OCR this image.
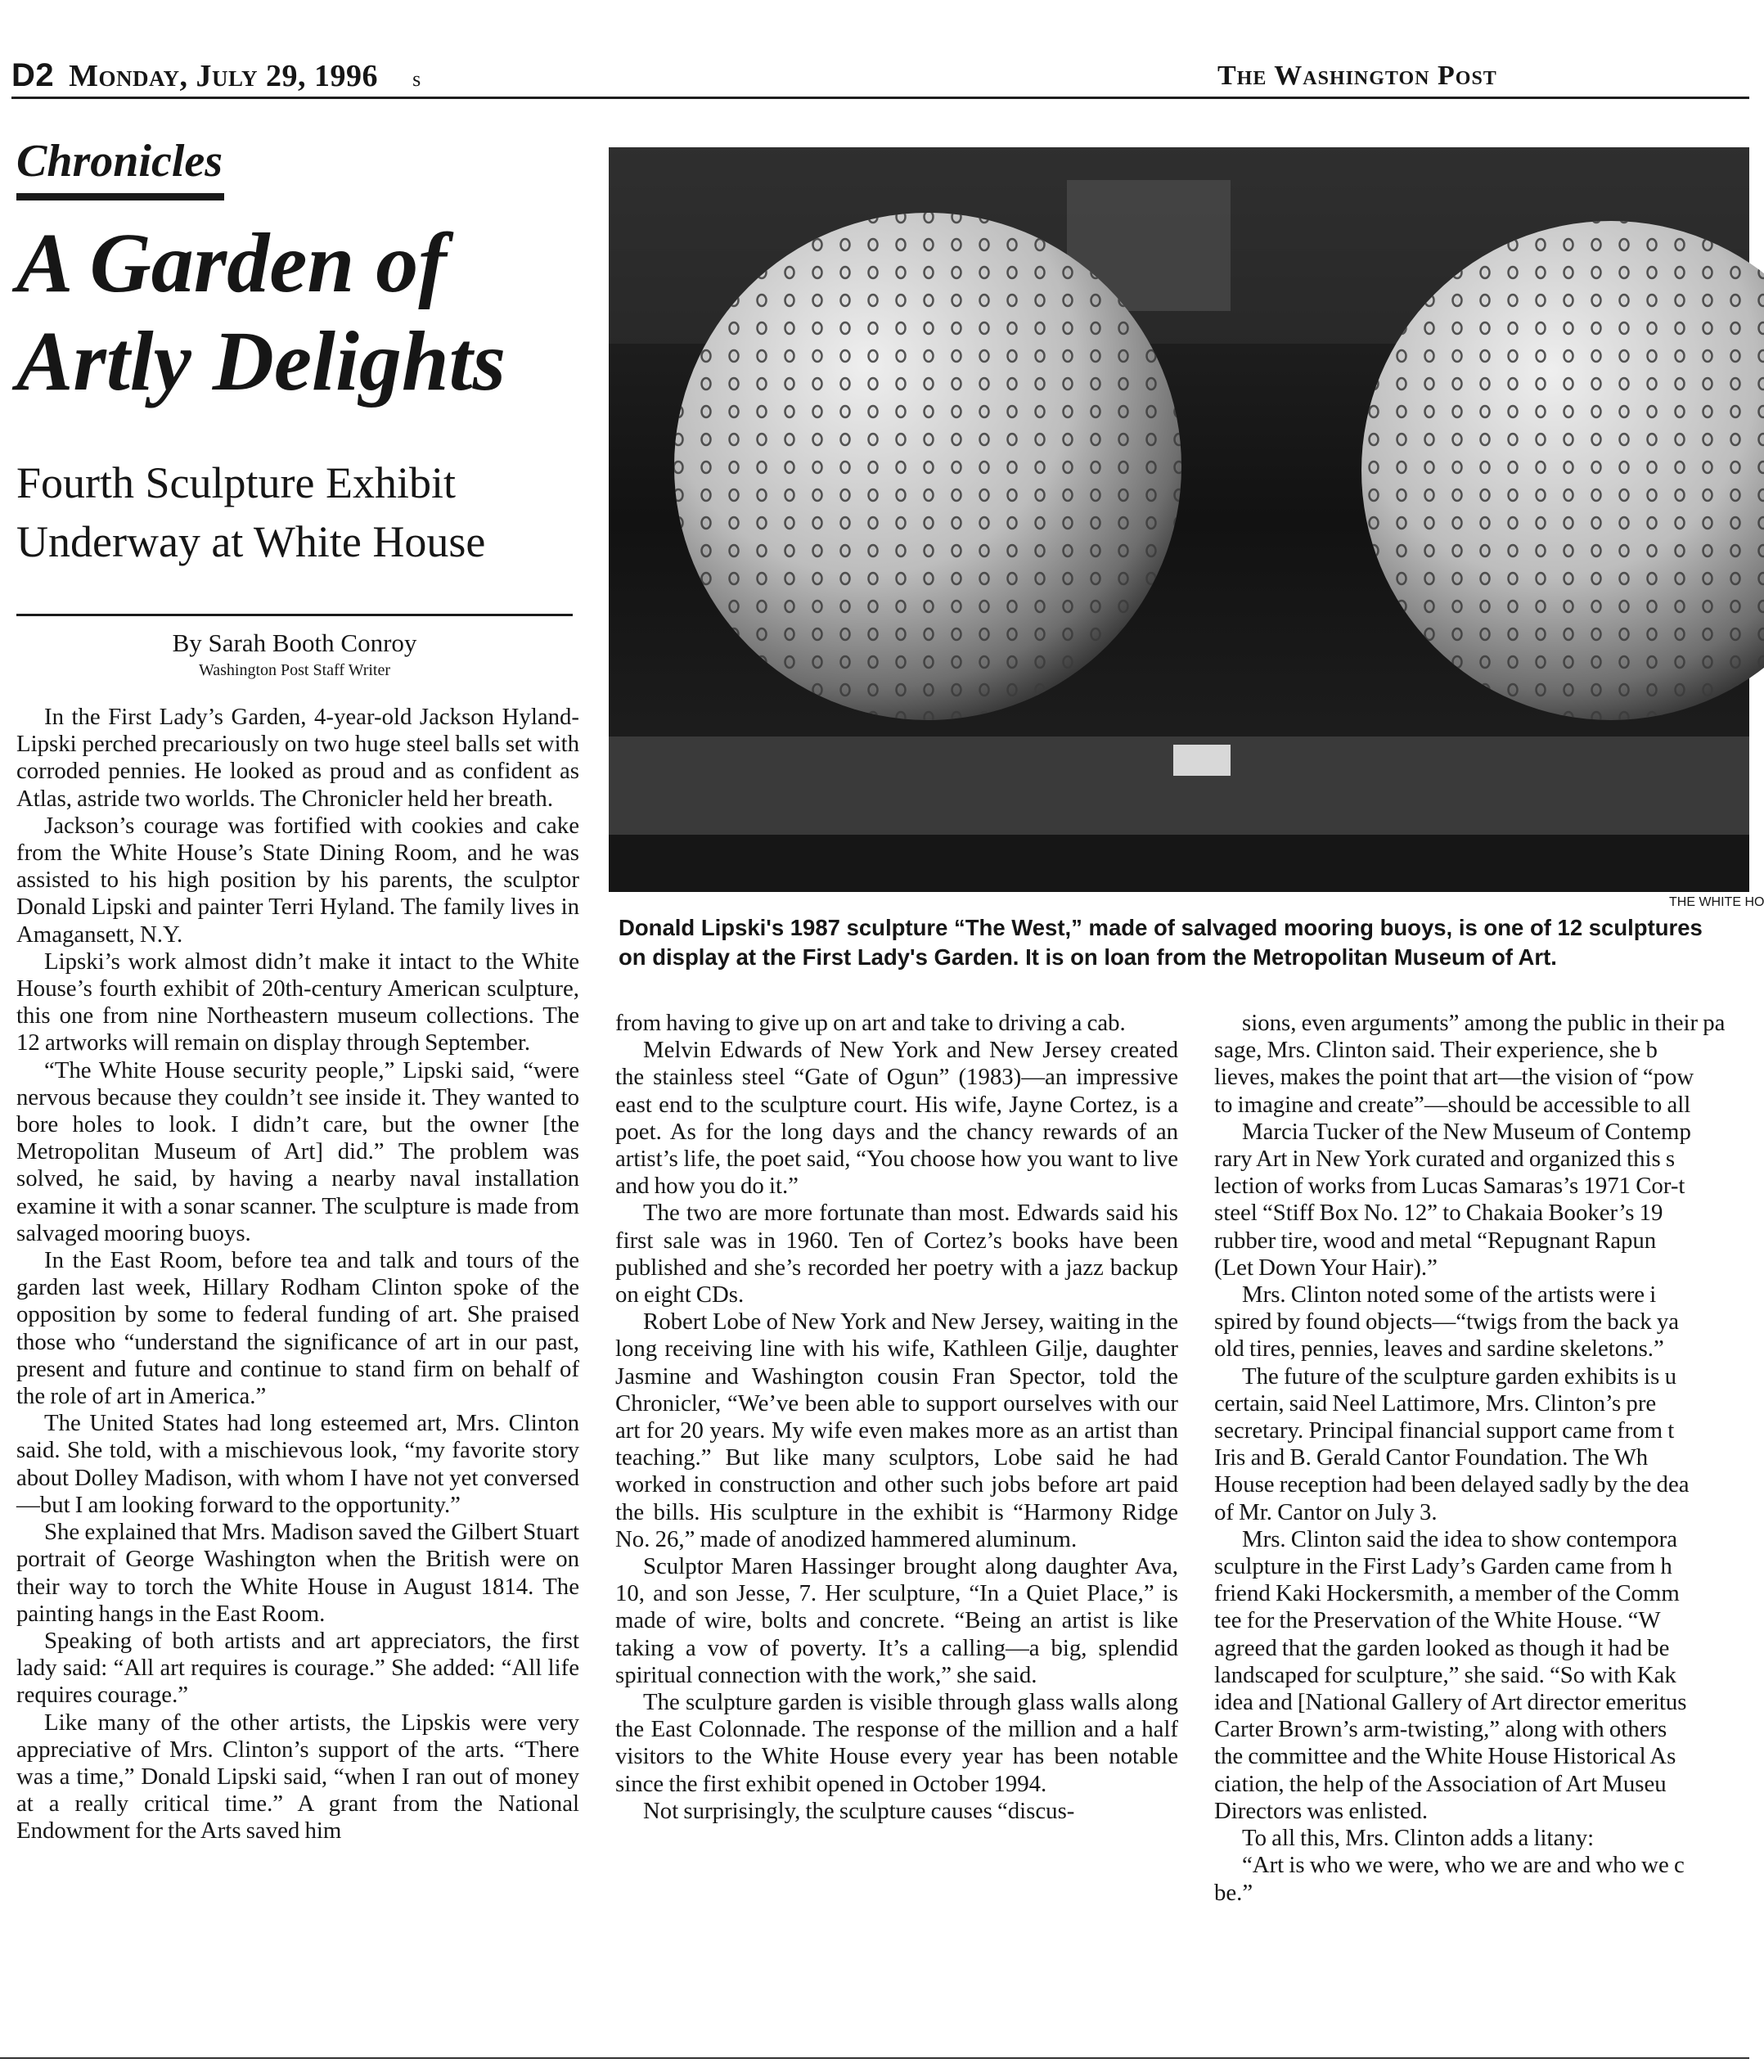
D2 Monday, July 29, 1996 s	The Washington Post
Chronicles
A Garden of Artly Delights
Fourth Sculpture Exhibit Underway at White House
By Sarah Booth Conroy
Washington Post Staff Writer
THE WHITE HO
Donald Lipski's 1987 sculpture “The West,” made of salvaged mooring buoys, is one of 12 sculptures
on display at the First Lady's Garden. It is on loan from the Metropolitan Museum of Art.

In the First Lady’s Garden, 4-year-old Jackson Hyland-Lipski perched precariously on two huge steel balls set with corroded pennies. He looked as proud and as confident as Atlas, astride two worlds. The Chronicler held her breath.

Jackson’s courage was fortified with cookies and cake from the White House’s State Dining Room, and he was assisted to his high position by his parents, the sculptor Donald Lipski and painter Terri Hyland. The family lives in Amagansett, N.Y.

Lipski’s work almost didn’t make it intact to the White House’s fourth exhibit of 20th-century American sculpture, this one from nine Northeastern museum collections. The 12 artworks will remain on display through September.

“The White House security people,” Lipski said, “were nervous because they couldn’t see inside it. They wanted to bore holes to look. I didn’t care, but the owner [the Metropolitan Museum of Art] did.” The problem was solved, he said, by having a nearby naval installation examine it with a sonar scanner. The sculpture is made from salvaged mooring buoys.

In the East Room, before tea and talk and tours of the garden last week, Hillary Rodham Clinton spoke of the opposition by some to federal funding of art. She praised those who “understand the significance of art in our past, present and future and continue to stand firm on behalf of the role of art in America.”

The United States had long esteemed art, Mrs. Clinton said. She told, with a mischievous look, “my favorite story about Dolley Madison, with whom I have not yet conversed—but I am looking forward to the opportunity.”

She explained that Mrs. Madison saved the Gilbert Stuart portrait of George Washington when the British were on their way to torch the White House in August 1814. The painting hangs in the East Room.

Speaking of both artists and art appreciators, the first lady said: “All art requires is courage.” She added: “All life requires courage.”

Like many of the other artists, the Lipskis were very appreciative of Mrs. Clinton’s support of the arts. “There was a time,” Donald Lipski said, “when I ran out of money at a really critical time.” A grant from the National Endowment for the Arts saved him

from having to give up on art and take to driving a cab.

Melvin Edwards of New York and New Jersey created the stainless steel “Gate of Ogun” (1983)—an impressive east end to the sculpture court. His wife, Jayne Cortez, is a poet. As for the long days and the chancy rewards of an artist’s life, the poet said, “You choose how you want to live and how you do it.”

The two are more fortunate than most. Edwards said his first sale was in 1960. Ten of Cortez’s books have been published and she’s recorded her poetry with a jazz backup on eight CDs.

Robert Lobe of New York and New Jersey, waiting in the long receiving line with his wife, Kathleen Gilje, daughter Jasmine and Washington cousin Fran Spector, told the Chronicler, “We’ve been able to support ourselves with our art for 20 years. My wife even makes more as an artist than teaching.” But like many sculptors, Lobe said he had worked in construction and other such jobs before art paid the bills. His sculpture in the exhibit is “Harmony Ridge No. 26,” made of anodized hammered aluminum.

Sculptor Maren Hassinger brought along daughter Ava, 10, and son Jesse, 7. Her sculpture, “In a Quiet Place,” is made of wire, bolts and concrete. “Being an artist is like taking a vow of poverty. It’s a calling—a big, splendid spiritual connection with the work,” she said.

The sculpture garden is visible through glass walls along the East Colonnade. The response of the million and a half visitors to the White House every year has been notable since the first exhibit opened in October 1994.

Not surprisingly, the sculpture causes “discus-

sions, even arguments” among the public in their pa
sage, Mrs. Clinton said. Their experience, she b
lieves, makes the point that art—the vision of “pow
to imagine and create”—should be accessible to all

Marcia Tucker of the New Museum of Contemp
rary Art in New York curated and organized this s
lection of works from Lucas Samaras’s 1971 Cor-t
steel “Stiff Box No. 12” to Chakaia Booker’s 19
rubber tire, wood and metal “Repugnant Rapun
(Let Down Your Hair).”

Mrs. Clinton noted some of the artists were i
spired by found objects—“twigs from the back ya
old tires, pennies, leaves and sardine skeletons.”

The future of the sculpture garden exhibits is u
certain, said Neel Lattimore, Mrs. Clinton’s pre
secretary. Principal financial support came from t
Iris and B. Gerald Cantor Foundation. The Wh
House reception had been delayed sadly by the dea
of Mr. Cantor on July 3.

Mrs. Clinton said the idea to show contempora
sculpture in the First Lady’s Garden came from h
friend Kaki Hockersmith, a member of the Comm
tee for the Preservation of the White House. “W
agreed that the garden looked as though it had be
landscaped for sculpture,” she said. “So with Kak
idea and [National Gallery of Art director emeritus
Carter Brown’s arm-twisting,” along with others
the committee and the White House Historical As
ciation, the help of the Association of Art Museu
Directors was enlisted.

To all this, Mrs. Clinton adds a litany:

“Art is who we were, who we are and who we c
be.”
